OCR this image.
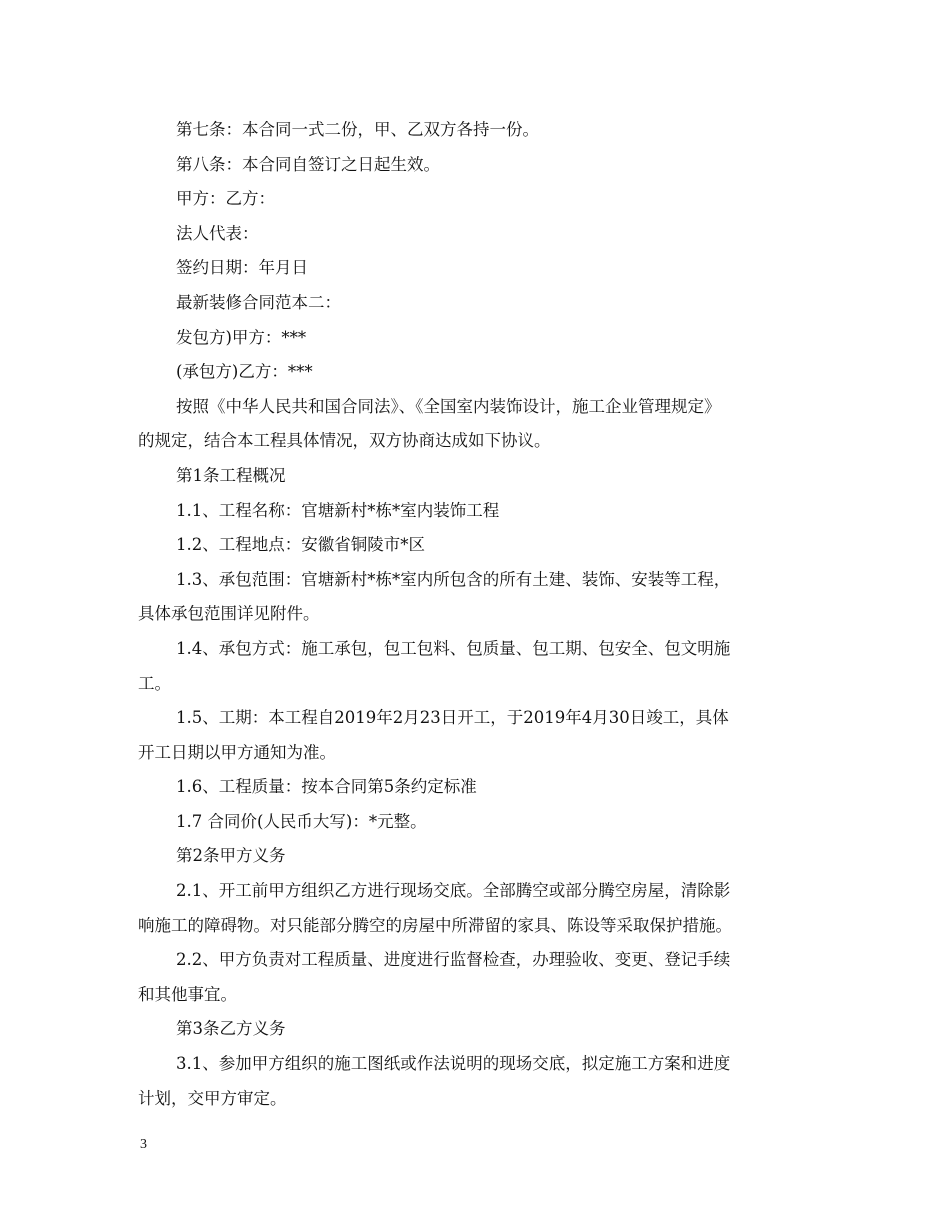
第七条：本合同一式二份，甲、乙双方各持一份。
第八条：本合同自签订之日起生效。
甲方：乙方：
法人代表：
签约日期：年月日
最新装修合同范本二：
发包方)甲方：***
(承包方)乙方：***
按照《中华人民共和国合同法》、《全国室内装饰设计，施工企业管理规定》
的规定，结合本工程具体情况，双方协商达成如下协议。
第1条工程概况
1.1、工程名称：官塘新村*栋*室内装饰工程
1.2、工程地点：安徽省铜陵市*区
1.3、承包范围：官塘新村*栋*室内所包含的所有土建、装饰、安装等工程，
具体承包范围详见附件。
1.4、承包方式：施工承包，包工包料、包质量、包工期、包安全、包文明施
工。
1.5、工期：本工程自2019年2月23日开工，于2019年4月30日竣工，具体
开工日期以甲方通知为准。
1.6、工程质量：按本合同第5条约定标准
1.7 合同价(人民币大写)：*元整。
第2条甲方义务
2.1、开工前甲方组织乙方进行现场交底。全部腾空或部分腾空房屋，清除影
响施工的障碍物。对只能部分腾空的房屋中所滞留的家具、陈设等采取保护措施。
2.2、甲方负责对工程质量、进度进行监督检查，办理验收、变更、登记手续
和其他事宜。
第3条乙方义务
3.1、参加甲方组织的施工图纸或作法说明的现场交底，拟定施工方案和进度
计划，交甲方审定。
3
